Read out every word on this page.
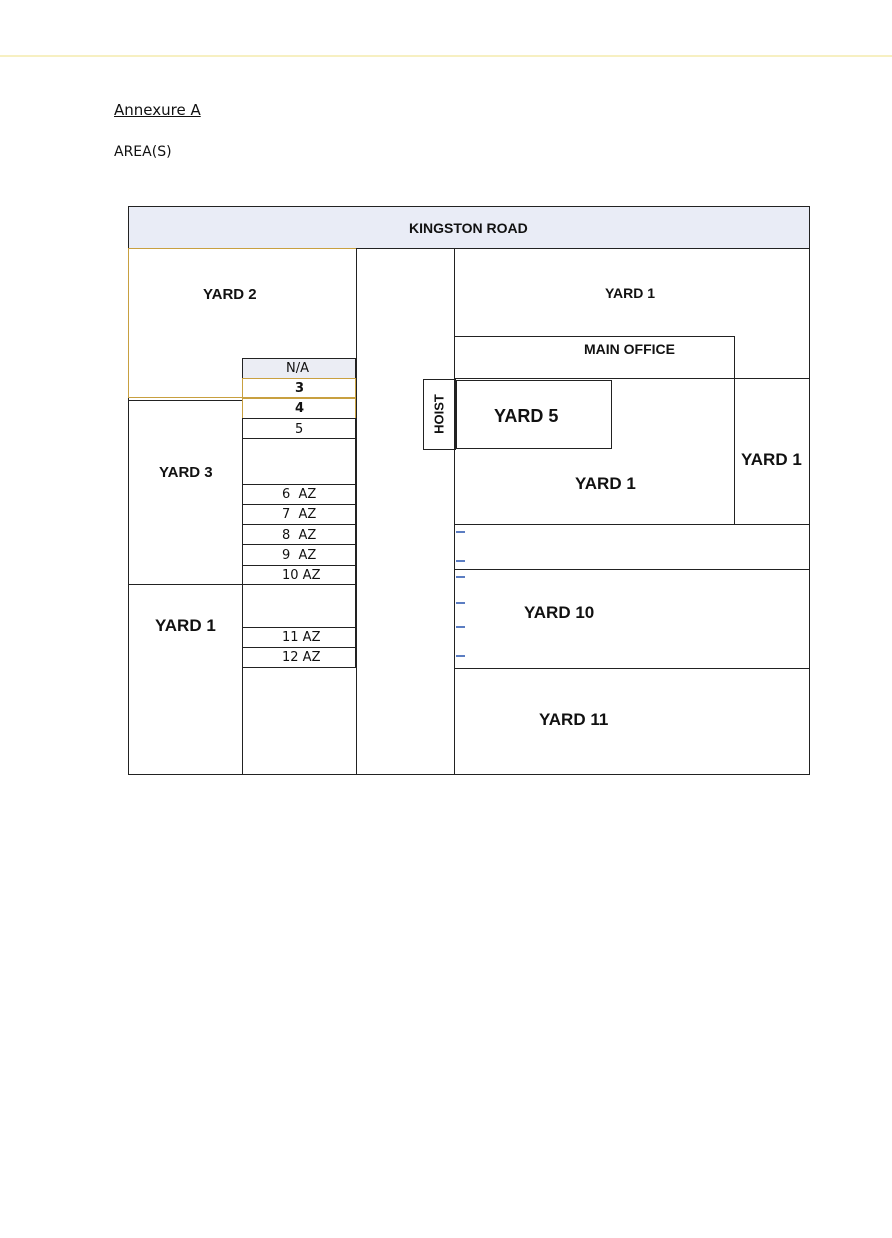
Annexure A
AREA(S)
KINGSTON ROAD
YARD 2
YARD 3
YARD 1
N/A
3
4
5
6  AZ
7  AZ
8  AZ
9  AZ
10 AZ
11 AZ
12 AZ
HOIST
YARD 1
MAIN OFFICE
YARD 1
YARD 5
YARD 1
YARD 10
YARD 11
